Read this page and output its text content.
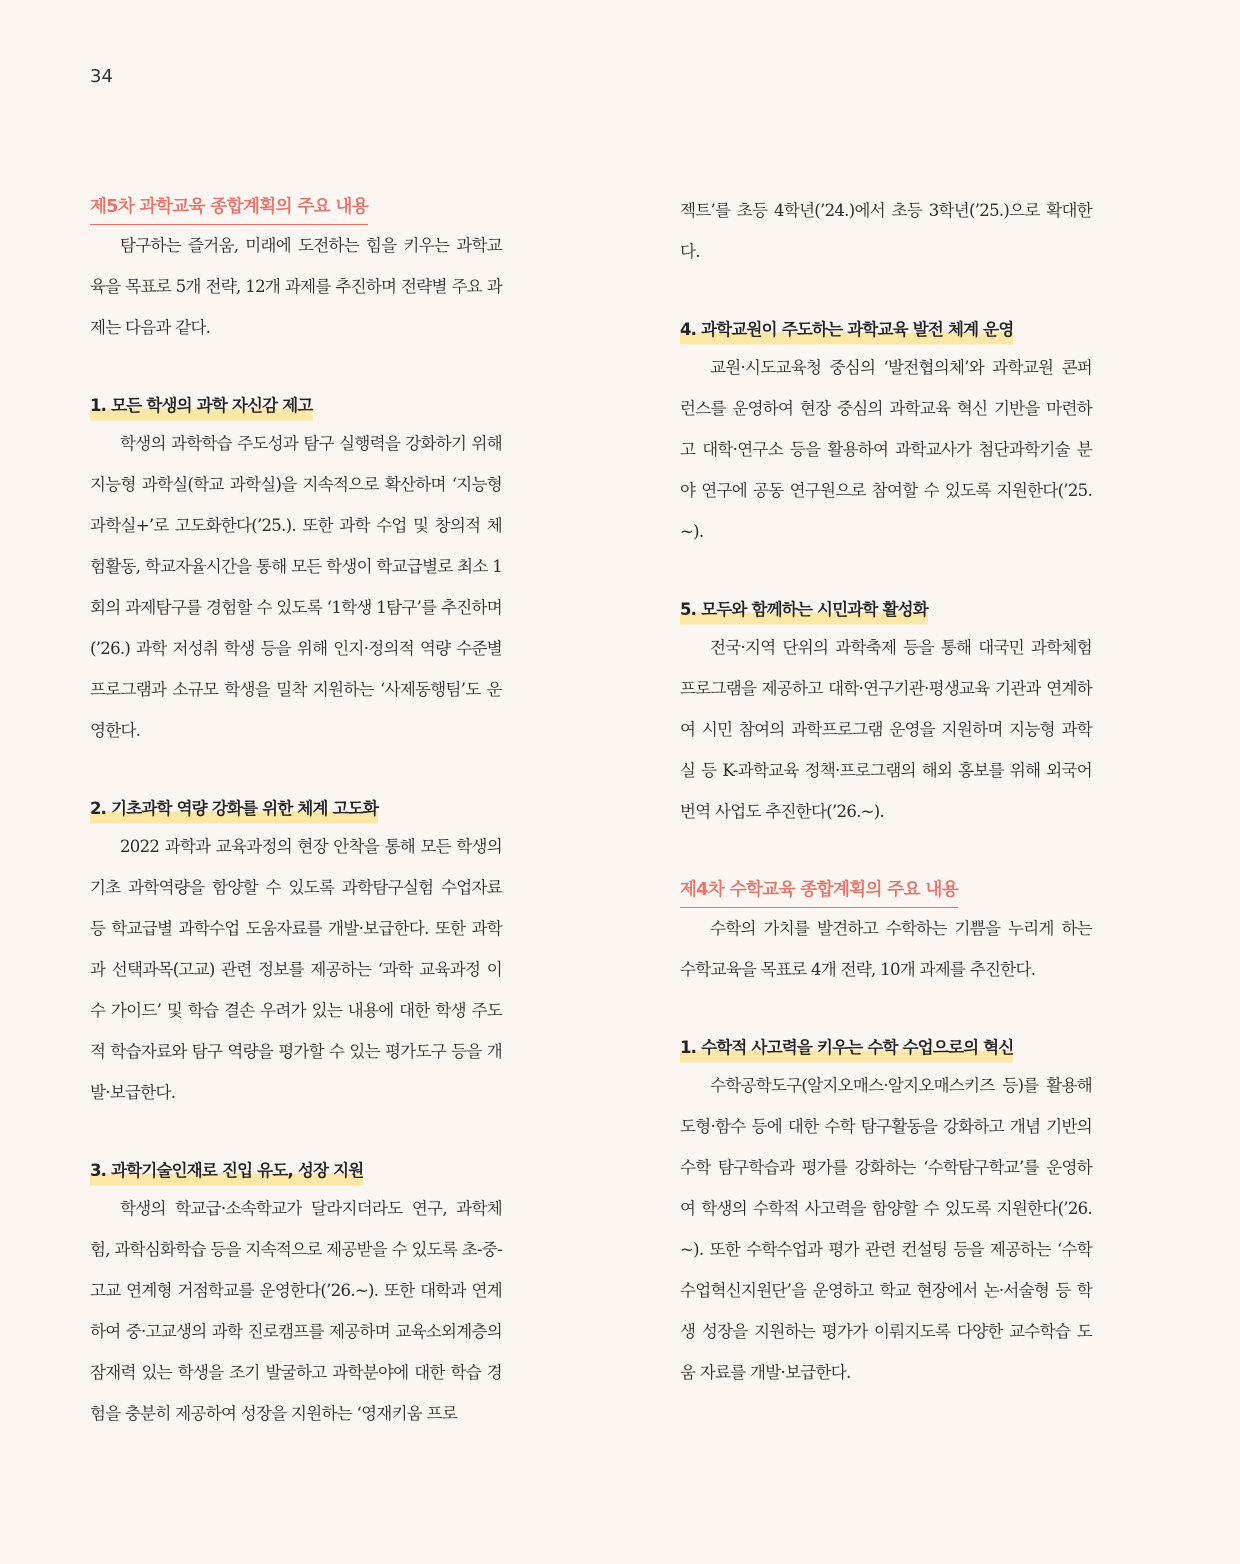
34
제5차 과학교육 종합계획의 주요 내용

탐구하는 즐거움, 미래에 도전하는 힘을 키우는 과학교육을 목표로 5개 전략, 12개 과제를 추진하며 전략별 주요 과제는 다음과 같다.

1. 모든 학생의 과학 자신감 제고

학생의 과학학습 주도성과 탐구 실행력을 강화하기 위해 지능형 과학실(학교 과학실)을 지속적으로 확산하며 ‘지능형 과학실+’로 고도화한다(’25.). 또한 과학 수업 및 창의적 체험활동, 학교자율시간을 통해 모든 학생이 학교급별로 최소 1회의 과제탐구를 경험할 수 있도록 ‘1학생 1탐구’를 추진하며(’26.) 과학 저성취 학생 등을 위해 인지·정의적 역량 수준별 프로그램과 소규모 학생을 밀착 지원하는 ‘사제동행팀’도 운영한다.

2. 기초과학 역량 강화를 위한 체계 고도화

2022 과학과 교육과정의 현장 안착을 통해 모든 학생의 기초 과학역량을 함양할 수 있도록 과학탐구실험 수업자료 등 학교급별 과학수업 도움자료를 개발·보급한다. 또한 과학과 선택과목(고교) 관련 정보를 제공하는 ‘과학 교육과정 이수 가이드’ 및 학습 결손 우려가 있는 내용에 대한 학생 주도적 학습자료와 탐구 역량을 평가할 수 있는 평가도구 등을 개발·보급한다.

3. 과학기술인재로 진입 유도, 성장 지원

학생의 학교급·소속학교가 달라지더라도 연구, 과학체험, 과학심화학습 등을 지속적으로 제공받을 수 있도록 초-중-고교 연계형 거점학교를 운영한다(’26.~). 또한 대학과 연계하여 중·고교생의 과학 진로캠프를 제공하며 교육소외계층의 잠재력 있는 학생을 조기 발굴하고 과학분야에 대한 학습 경험을 충분히 제공하여 성장을 지원하는 ‘영재키움 프로

젝트’를 초등 4학년(’24.)에서 초등 3학년(’25.)으로 확대한다.

4. 과학교원이 주도하는 과학교육 발전 체계 운영

교원·시도교육청 중심의 ‘발전협의체’와 과학교원 콘퍼런스를 운영하여 현장 중심의 과학교육 혁신 기반을 마련하고 대학·연구소 등을 활용하여 과학교사가 첨단과학기술 분야 연구에 공동 연구원으로 참여할 수 있도록 지원한다(’25.~).

5. 모두와 함께하는 시민과학 활성화

전국·지역 단위의 과학축제 등을 통해 대국민 과학체험 프로그램을 제공하고 대학·연구기관·평생교육 기관과 연계하여 시민 참여의 과학프로그램 운영을 지원하며 지능형 과학실 등 K-과학교육 정책·프로그램의 해외 홍보를 위해 외국어 번역 사업도 추진한다(’26.~).

제4차 수학교육 종합계획의 주요 내용

수학의 가치를 발견하고 수학하는 기쁨을 누리게 하는 수학교육을 목표로 4개 전략, 10개 과제를 추진한다.

1. 수학적 사고력을 키우는 수학 수업으로의 혁신

수학공학도구(알지오매스·알지오매스키즈 등)를 활용해 도형·함수 등에 대한 수학 탐구활동을 강화하고 개념 기반의 수학 탐구학습과 평가를 강화하는 ‘수학탐구학교’를 운영하여 학생의 수학적 사고력을 함양할 수 있도록 지원한다(’26.~). 또한 수학수업과 평가 관련 컨설팅 등을 제공하는 ‘수학수업혁신지원단’을 운영하고 학교 현장에서 논·서술형 등 학생 성장을 지원하는 평가가 이뤄지도록 다양한 교수학습 도움 자료를 개발·보급한다.
